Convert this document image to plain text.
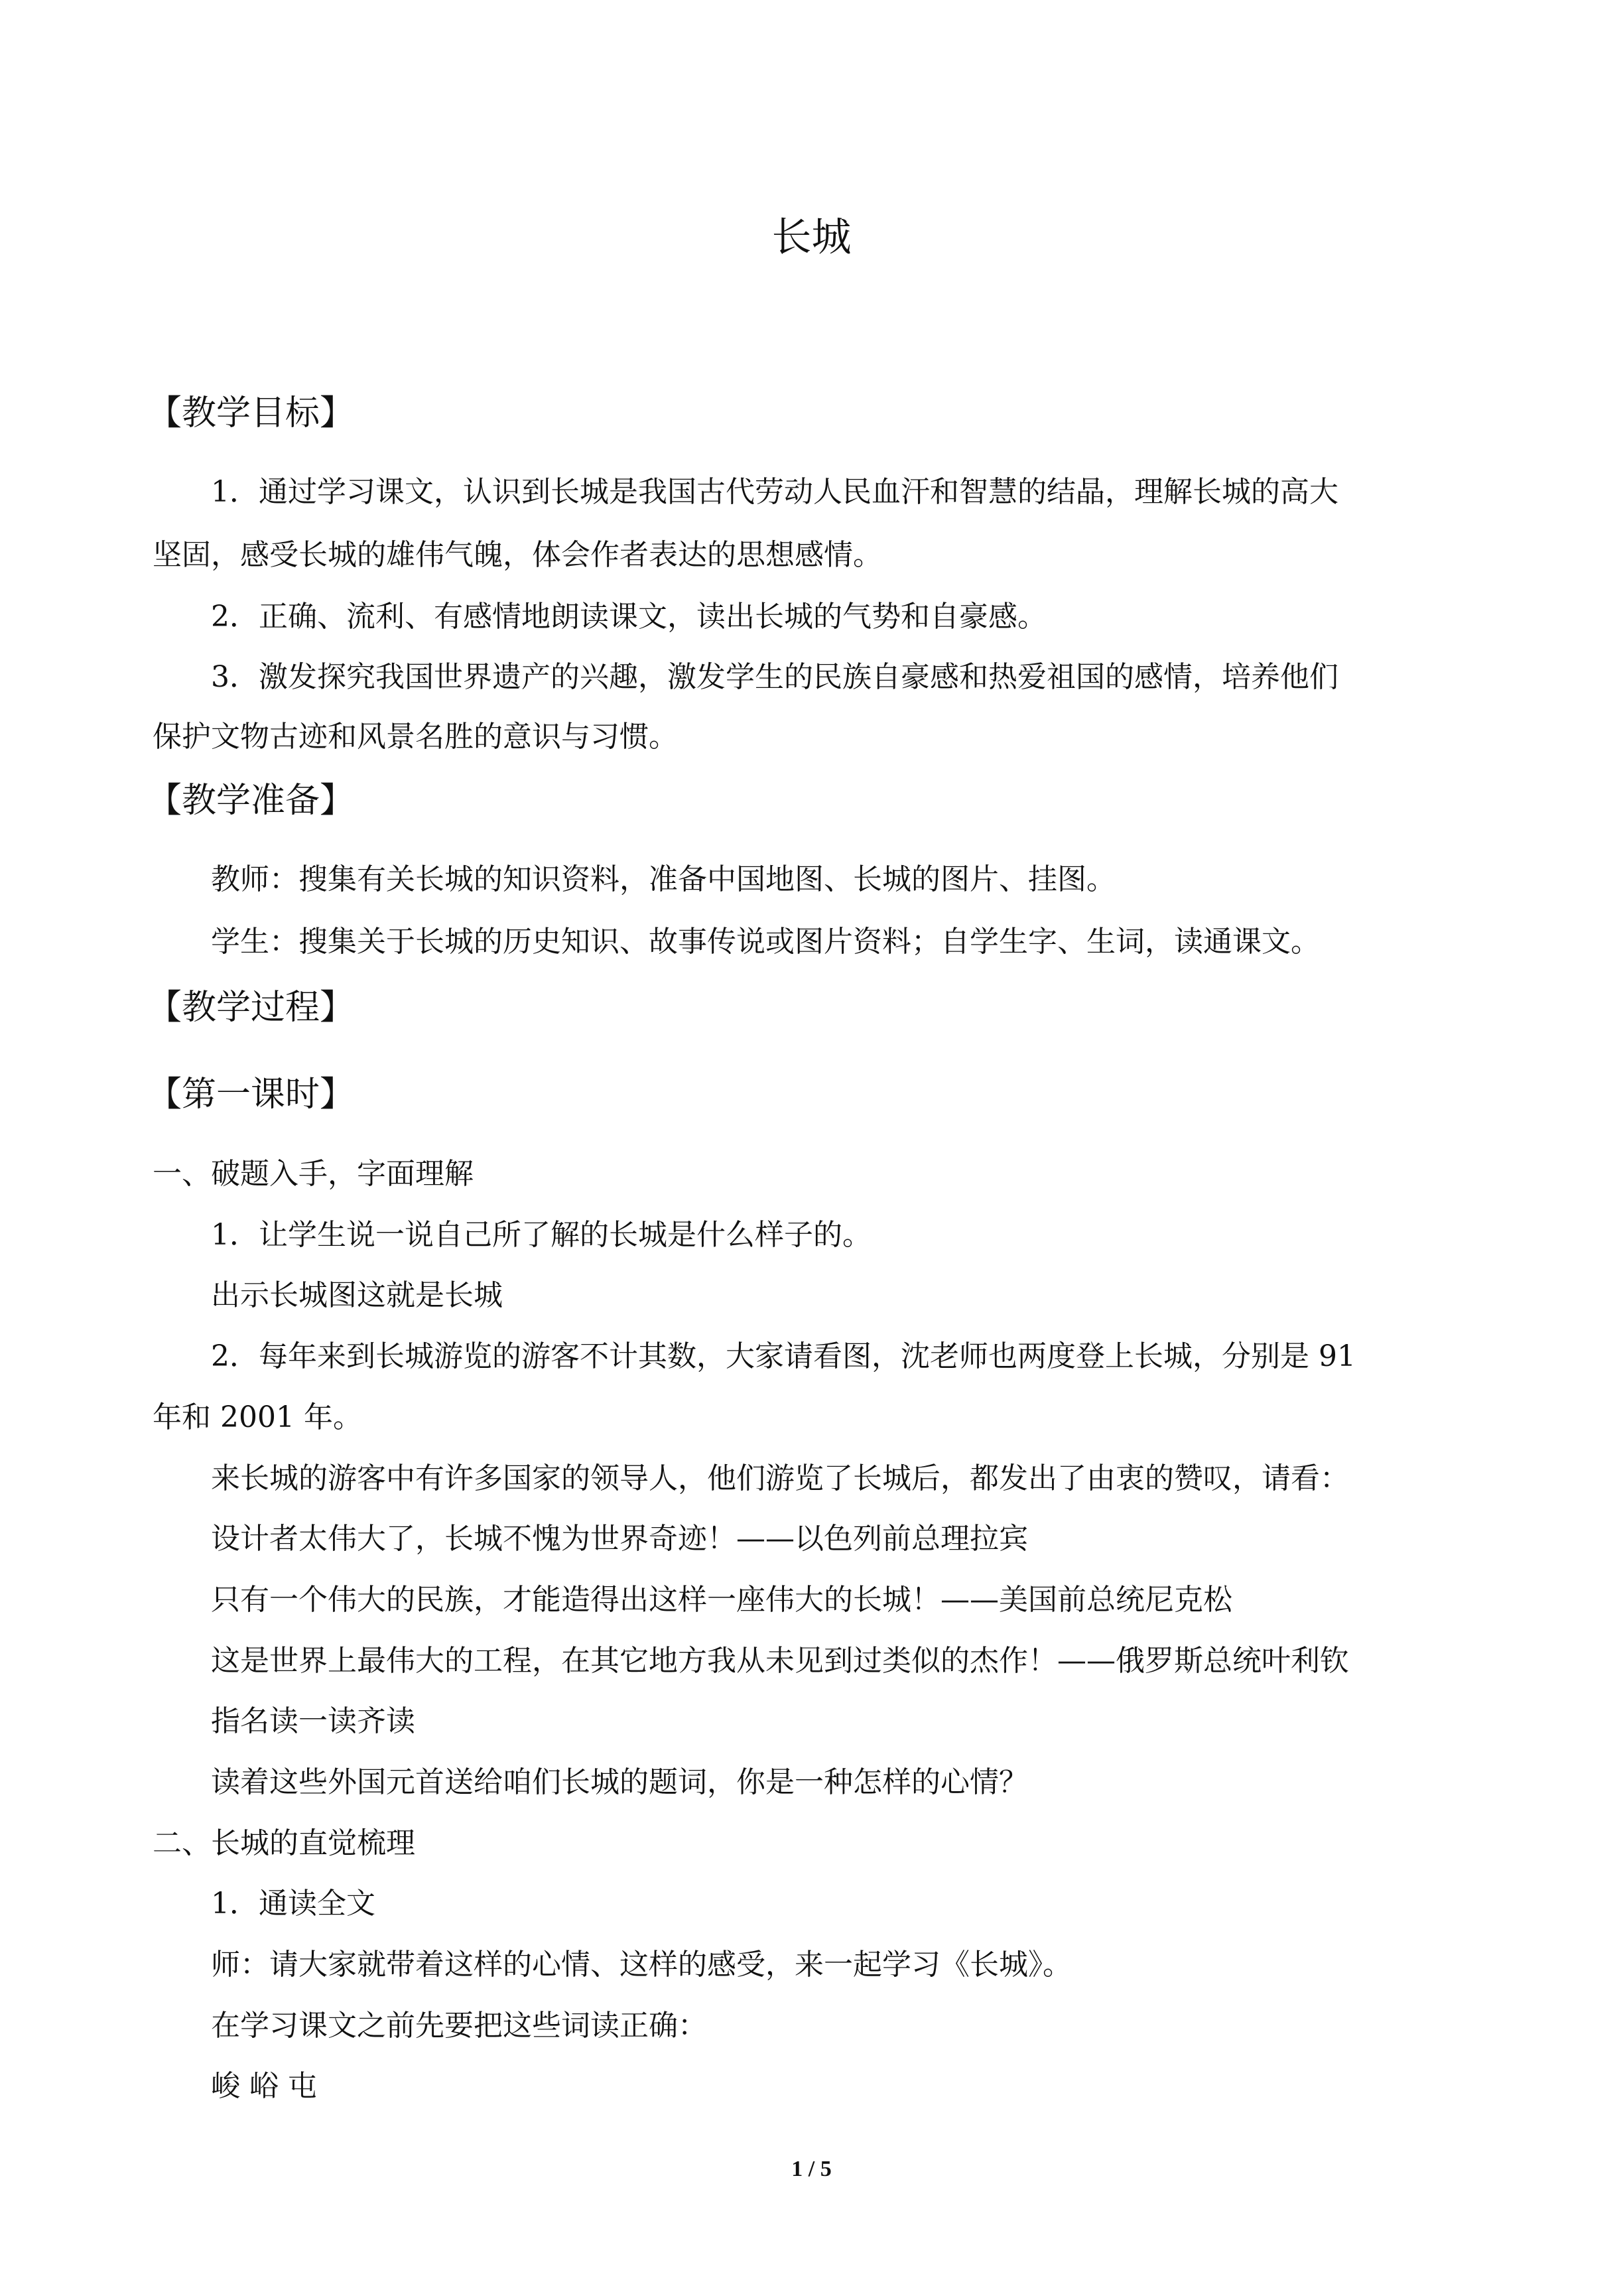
长城
【教学目标】

1．通过学习课文，认识到长城是我国古代劳动人民血汗和智慧的结晶，理解长城的高大

坚固，感受长城的雄伟气魄，体会作者表达的思想感情。

2．正确、流利、有感情地朗读课文，读出长城的气势和自豪感。

3．激发探究我国世界遗产的兴趣，激发学生的民族自豪感和热爱祖国的感情，培养他们

保护文物古迹和风景名胜的意识与习惯。

【教学准备】

教师：搜集有关长城的知识资料，准备中国地图、长城的图片、挂图。

学生：搜集关于长城的历史知识、故事传说或图片资料；自学生字、生词，读通课文。

【教学过程】
【第一课时】

一、破题入手，字面理解

1．让学生说一说自己所了解的长城是什么样子的。

出示长城图这就是长城

2．每年来到长城游览的游客不计其数，大家请看图，沈老师也两度登上长城，分别是 91

年和 2001 年。

来长城的游客中有许多国家的领导人，他们游览了长城后，都发出了由衷的赞叹，请看：

设计者太伟大了，长城不愧为世界奇迹！——以色列前总理拉宾

只有一个伟大的民族，才能造得出这样一座伟大的长城！——美国前总统尼克松

这是世界上最伟大的工程，在其它地方我从未见到过类似的杰作！——俄罗斯总统叶利钦

指名读一读齐读

读着这些外国元首送给咱们长城的题词，你是一种怎样的心情？

二、长城的直觉梳理

1．通读全文

师：请大家就带着这样的心情、这样的感受，来一起学习《长城》。

在学习课文之前先要把这些词读正确：

峻 峪 屯

1 / 5
